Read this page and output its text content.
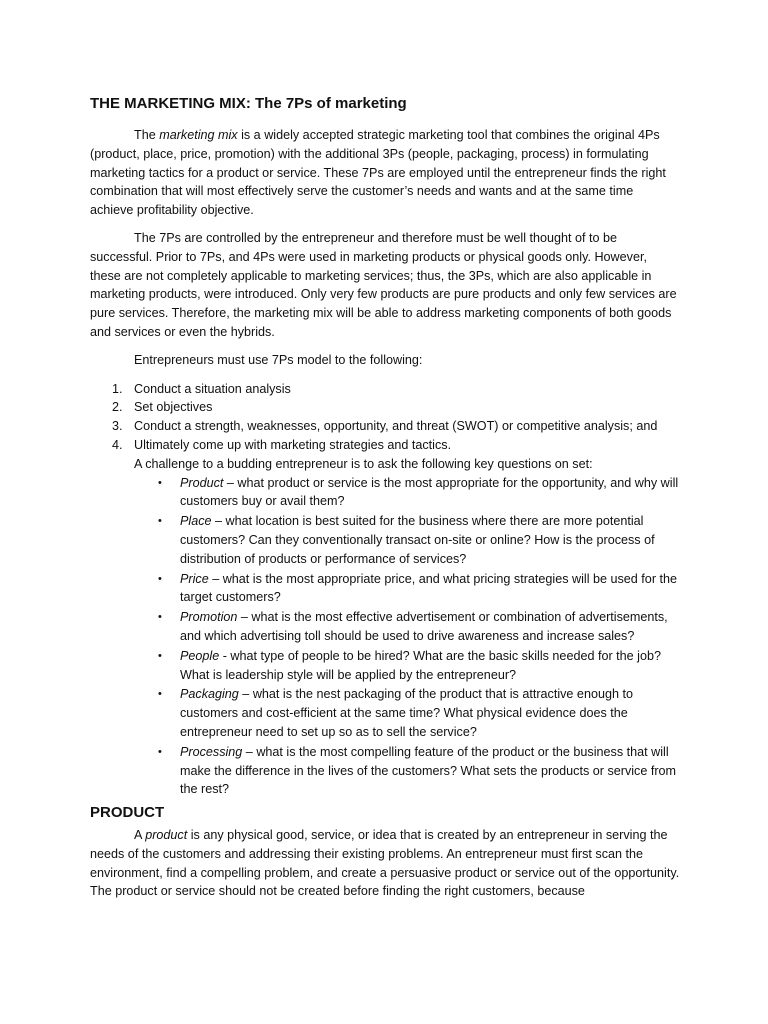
THE MARKETING MIX: The 7Ps of marketing

The marketing mix is a widely accepted strategic marketing tool that combines the original 4Ps (product, place, price, promotion) with the additional 3Ps (people, packaging, process) in formulating marketing tactics for a product or service. These 7Ps are employed until the entrepreneur finds the right combination that will most effectively serve the customer’s needs and wants and at the same time achieve profitability objective.

The 7Ps are controlled by the entrepreneur and therefore must be well thought of to be successful. Prior to 7Ps, and 4Ps were used in marketing products or physical goods only. However, these are not completely applicable to marketing services; thus, the 3Ps, which are also applicable in marketing products, were introduced. Only very few products are pure products and only few services are pure services. Therefore, the marketing mix will be able to address marketing components of both goods and services or even the hybrids.

Entrepreneurs must use 7Ps model to the following:

1. Conduct a situation analysis
2. Set objectives
3. Conduct a strength, weaknesses, opportunity, and threat (SWOT) or competitive analysis; and
4. Ultimately come up with marketing strategies and tactics.
A challenge to a budding entrepreneur is to ask the following key questions on set:
• Product – what product or service is the most appropriate for the opportunity, and why will customers buy or avail them?
• Place – what location is best suited for the business where there are more potential customers? Can they conventionally transact on-site or online? How is the process of distribution of products or performance of services?
• Price – what is the most appropriate price, and what pricing strategies will be used for the target customers?
• Promotion – what is the most effective advertisement or combination of advertisements, and which advertising toll should be used to drive awareness and increase sales?
• People - what type of people to be hired? What are the basic skills needed for the job? What is leadership style will be applied by the entrepreneur?
• Packaging – what is the nest packaging of the product that is attractive enough to customers and cost-efficient at the same time? What physical evidence does the entrepreneur need to set up so as to sell the service?
• Processing – what is the most compelling feature of the product or the business that will make the difference in the lives of the customers? What sets the products or service from the rest?
PRODUCT

A product is any physical good, service, or idea that is created by an entrepreneur in serving the needs of the customers and addressing their existing problems. An entrepreneur must first scan the environment, find a compelling problem, and create a persuasive product or service out of the opportunity. The product or service should not be created before finding the right customers, because
